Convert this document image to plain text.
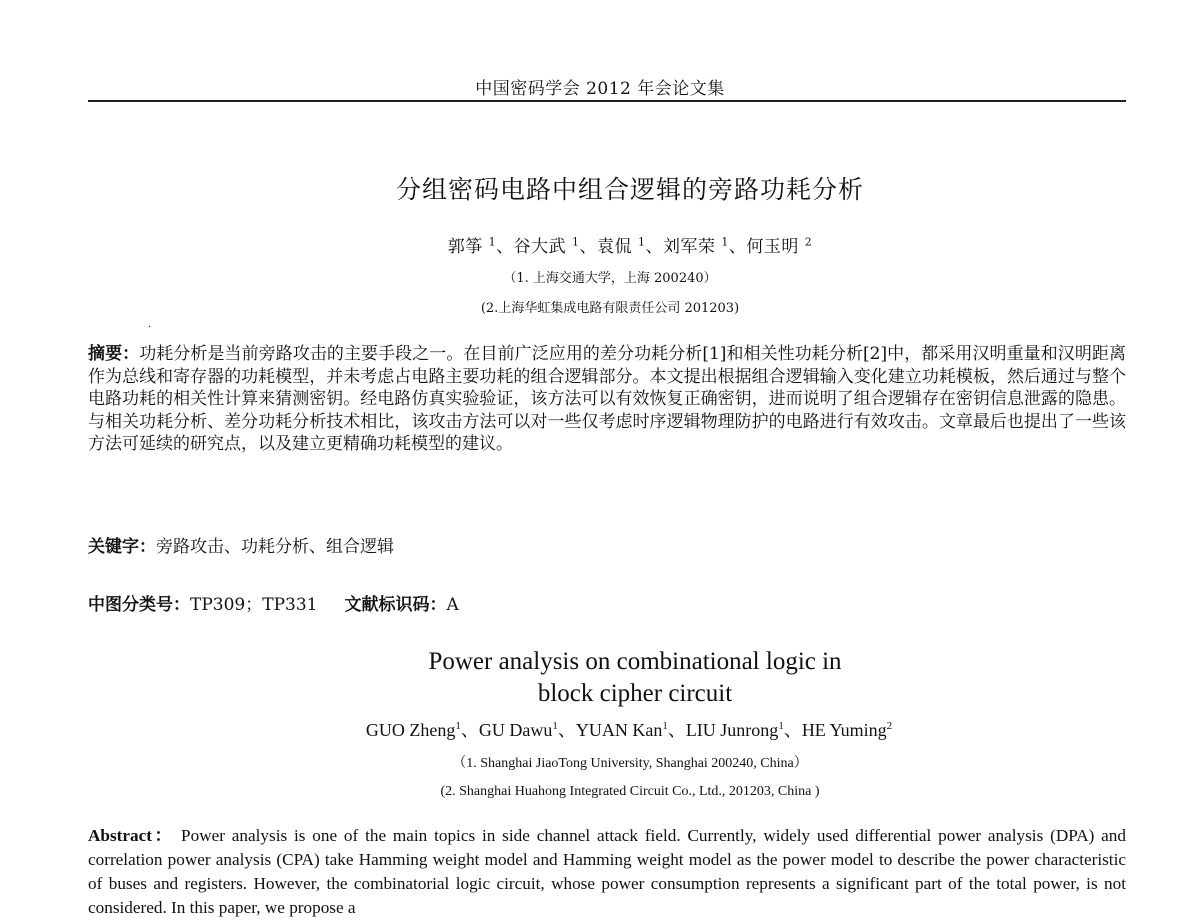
中国密码学会 2012 年会论文集
分组密码电路中组合逻辑的旁路功耗分析
郭筝 $^1$、谷大武 $^1$、袁侃 $^1$、刘军荣 $^1$、何玉明 $^2$
（1. 上海交通大学，上海 200240）
(2.上海华虹集成电路有限责任公司 201203)
·
摘要：功耗分析是当前旁路攻击的主要手段之一。在目前广泛应用的差分功耗分析[1]和相关性功耗分析[2]中，都采用汉明重量和汉明距离作为总线和寄存器的功耗模型，并未考虑占电路主要功耗的组合逻辑部分。本文提出根据组合逻辑输入变化建立功耗模板，然后通过与整个电路功耗的相关性计算来猜测密钥。经电路仿真实验验证，该方法可以有效恢复正确密钥，进而说明了组合逻辑存在密钥信息泄露的隐患。与相关功耗分析、差分功耗分析技术相比，该攻击方法可以对一些仅考虑时序逻辑物理防护的电路进行有效攻击。文章最后也提出了一些该方法可延续的研究点，以及建立更精确功耗模型的建议。
关键字：旁路攻击、功耗分析、组合逻辑
中图分类号：TP309；TP331 文献标识码：A
Power analysis on combinational logic in
block cipher circuit
GUO Zheng$^1$、GU Dawu$^1$、YUAN Kan$^1$、LIU Junrong$^1$、HE Yuming$^2$
（1. Shanghai JiaoTong University, Shanghai 200240, China）
(2. Shanghai Huahong Integrated Circuit Co., Ltd., 201203, China )
Abstract： Power analysis is one of the main topics in side channel attack field. Currently, widely used differential power analysis (DPA) and correlation power analysis (CPA) take Hamming weight model and Hamming weight model as the power model to describe the power characteristic of buses and registers. However, the combinatorial logic circuit, whose power consumption represents a significant part of the total power, is not considered. In this paper, we propose a
